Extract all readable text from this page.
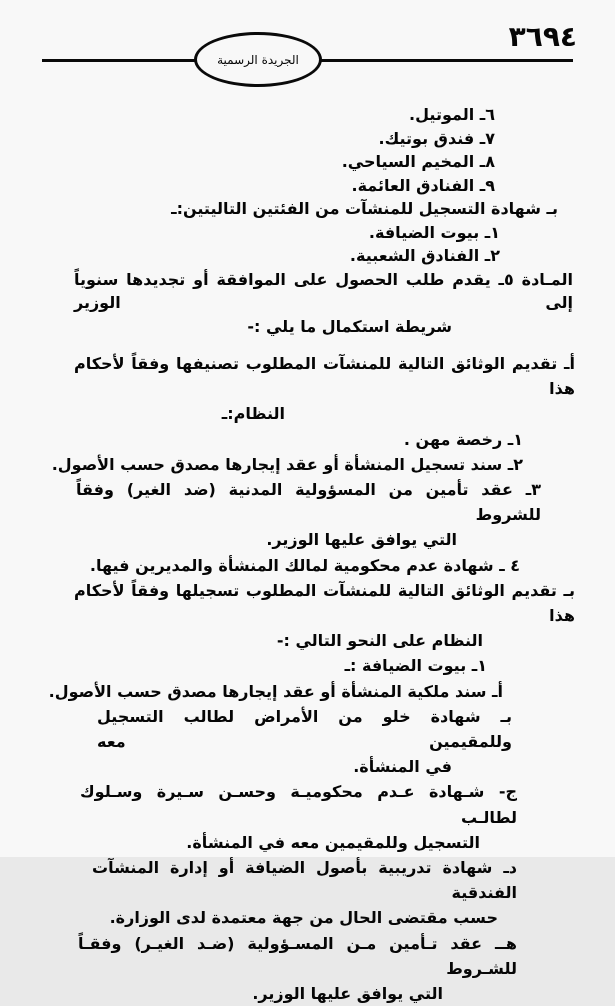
٣٦٩٤
الجريدة الرسمية
٦ـ الموتيل.
٧ـ فندق بوتيك.
٨ـ المخيم السياحي.
٩ـ الفنادق العائمة.
بـ شهادة التسجيل للمنشآت من الفئتين التاليتين:ـ
١ـ بيوت الضيافة.
٢ـ الفنادق الشعبية.
المـادة ٥ـ يقدم طلب الحصول على الموافقة أو تجديدها سنوياً إلى الوزير
شريطة استكمال ما يلي :-
أـ تقديم الوثائق التالية للمنشآت المطلوب تصنيفها وفقاً لأحكام هذا
النظام:ـ
١ـ رخصة مهن .
٢ـ سند تسجيل المنشأة أو عقد إيجارها مصدق حسب الأصول.
٣ـ عقد تأمين من المسؤولية المدنية (ضد الغير) وفقاً للشروط
التي يوافق عليها الوزير.
٤ ـ شهادة عدم محكومية لمالك المنشأة والمديرين فيها.
بـ تقديم الوثائق التالية للمنشآت المطلوب تسجيلها وفقاً لأحكام هذا
النظام على النحو التالي :-
١ـ بيوت الضيافة :ـ
أـ سند ملكية المنشأة أو عقد إيجارها مصدق حسب الأصول.
بـ شهادة خلو من الأمراض لطالب التسجيل وللمقيمين معه
في المنشأة.
ج- شـهادة عـدم محكوميـة وحسـن سـيرة وسـلوك لطالـب
التسجيل وللمقيمين معه في المنشأة.
دـ شهادة تدريبية بأصول الضيافة أو إدارة المنشآت الفندقية
حسب مقتضى الحال من جهة معتمدة لدى الوزارة.
هــ عقد تـأمين مـن المسـؤولية (ضـد الغيـر) وفقـاً للشـروط
التي يوافق عليها الوزير.
